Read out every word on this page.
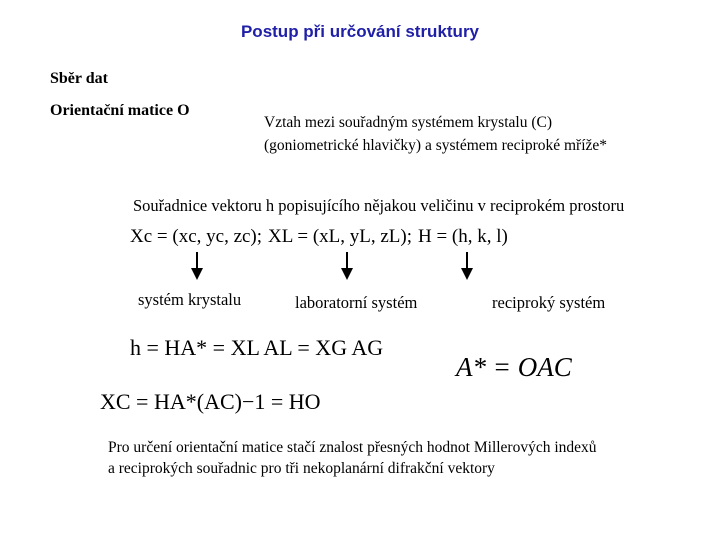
Postup při určování struktury
Sběr dat
Orientační matice O
Vztah mezi souřadným systémem krystalu (C)
(goniometrické hlavičky) a systémem reciproké mříže*
Souřadnice vektoru h popisujícího nějakou veličinu v reciprokém prostoru
Xc = (xc, yc, zc); XL = (xL, yL, zL); H = (h, k, l)
systém krystalu	laboratorní systém	reciproký systém
h = HA* = XL AL = XG AG
A* = OAC
XC = HA*(AC)−1 = HO
Pro určení orientační matice stačí znalost přesných hodnot Millerových indexů
a reciprokých souřadnic pro tři nekoplanární difrakční vektory
